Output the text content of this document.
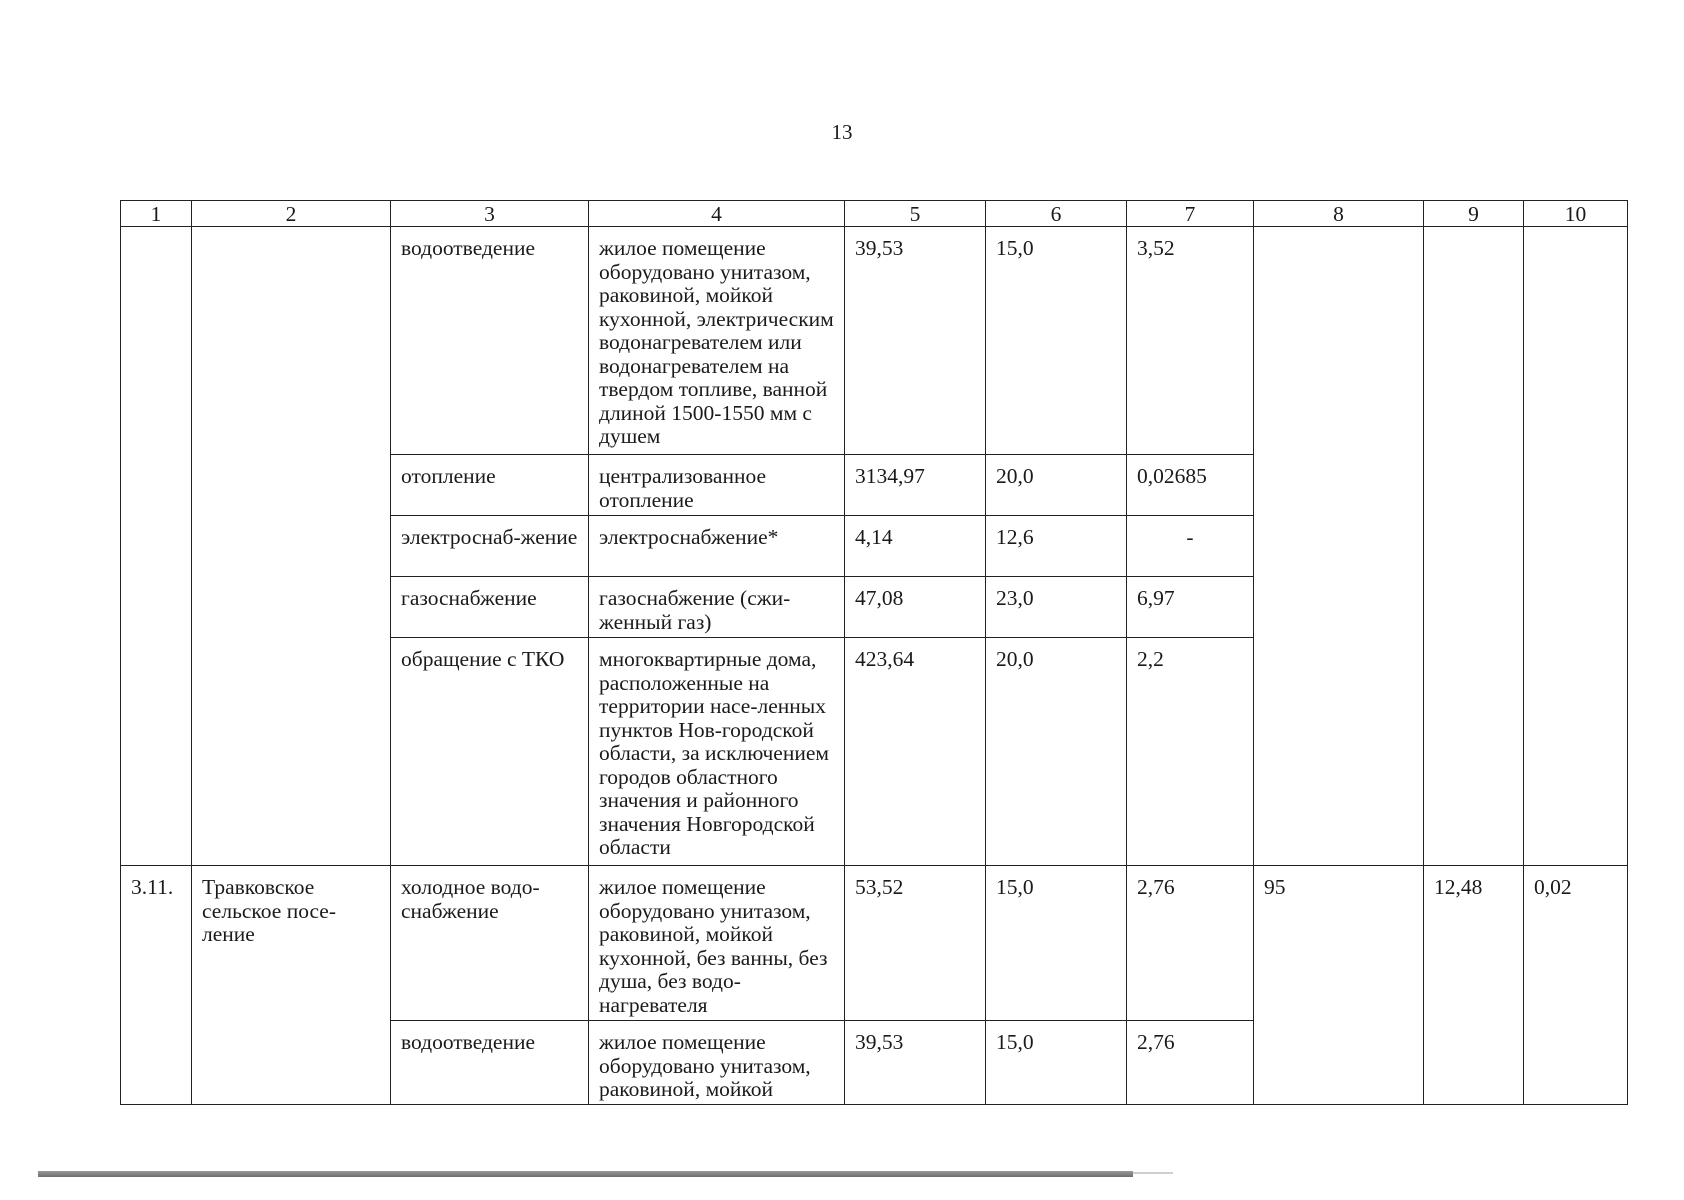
13
1	2	3	4	5	6	7	8	9	10
		водоотведение	жилое помещение оборудовано унитазом, раковиной, мойкой кухонной, электрическим водонагревателем или водонагревателем на твердом топливе, ванной длиной 1500-1550 мм с душем	39,53	15,0	3,52			
		отопление	централизованное отопление	3134,97	20,0	0,02685			
		электроснаб-жение	электроснабжение*	4,14	12,6	-			
		газоснабжение	газоснабжение (сжи-женный газ)	47,08	23,0	6,97			
		обращение с ТКО	многоквартирные дома, расположенные на территории насе-ленных пунктов Нов-городской области, за исключением городов областного значения и районного значения Новгородской области	423,64	20,0	2,2			
3.11.	Травковское сельское посе-ление	холодное водо-снабжение	жилое помещение оборудовано унитазом, раковиной, мойкой кухонной, без ванны, без душа, без водо-нагревателя	53,52	15,0	2,76	95	12,48	0,02
		водоотведение	жилое помещение оборудовано унитазом, раковиной, мойкой	39,53	15,0	2,76			
